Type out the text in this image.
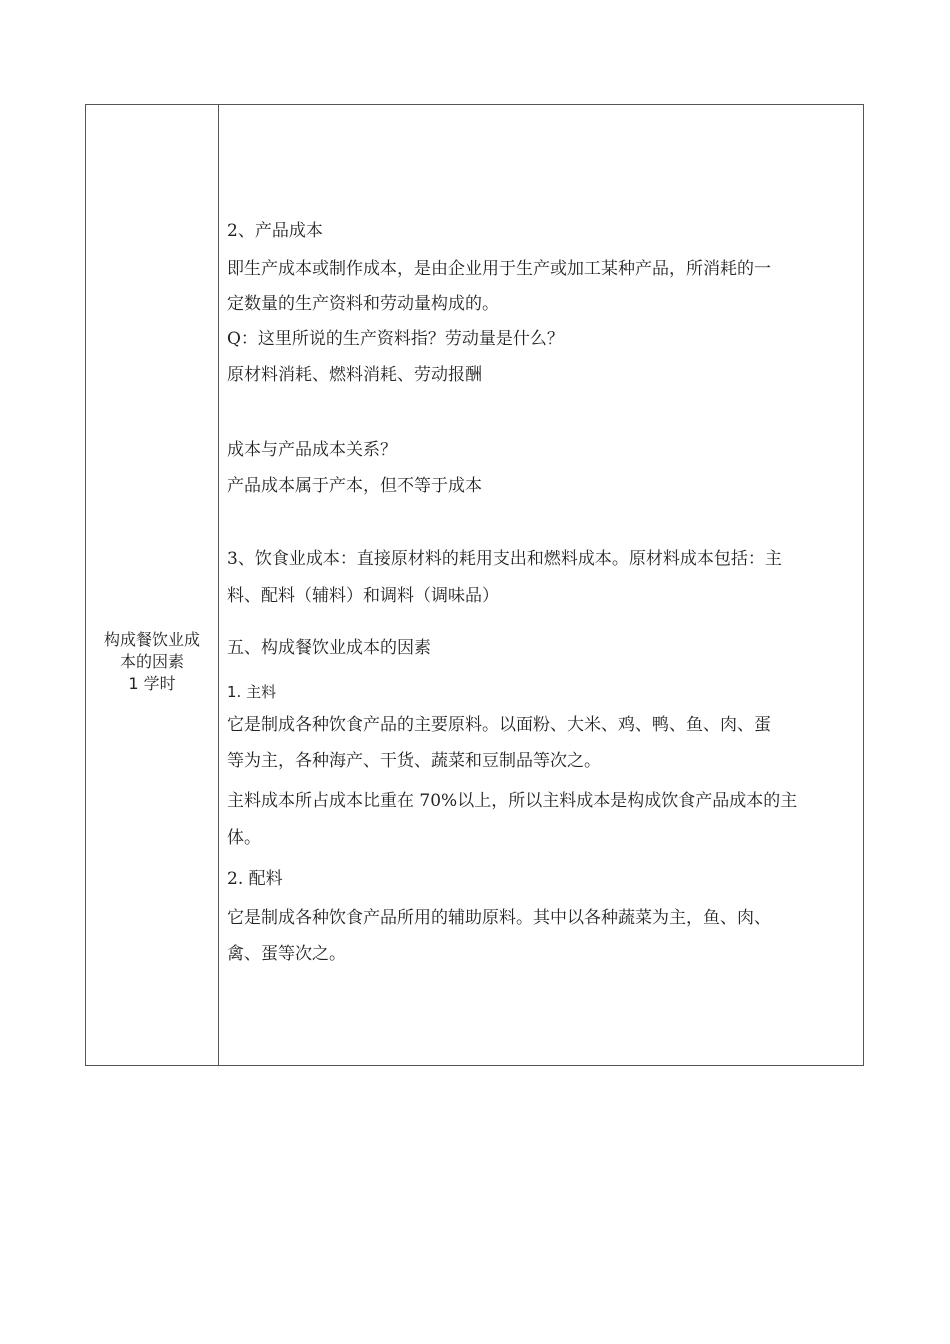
构成餐饮业成
本的因素
1 学时
2、产品成本
即生产成本或制作成本，是由企业用于生产或加工某种产品，所消耗的一
定数量的生产资料和劳动量构成的。
Q：这里所说的生产资料指？劳动量是什么？
原材料消耗、燃料消耗、劳动报酬
成本与产品成本关系？
产品成本属于产本，但不等于成本
3、饮食业成本：直接原材料的耗用支出和燃料成本。原材料成本包括：主
料、配料（辅料）和调料（调味品）
五、构成餐饮业成本的因素
1. 主料
它是制成各种饮食产品的主要原料。以面粉、大米、鸡、鸭、鱼、肉、蛋
等为主，各种海产、干货、蔬菜和豆制品等次之。
主料成本所占成本比重在 70%以上，所以主料成本是构成饮食产品成本的主
体。
2. 配料
它是制成各种饮食产品所用的辅助原料。其中以各种蔬菜为主，鱼、肉、
禽、蛋等次之。
